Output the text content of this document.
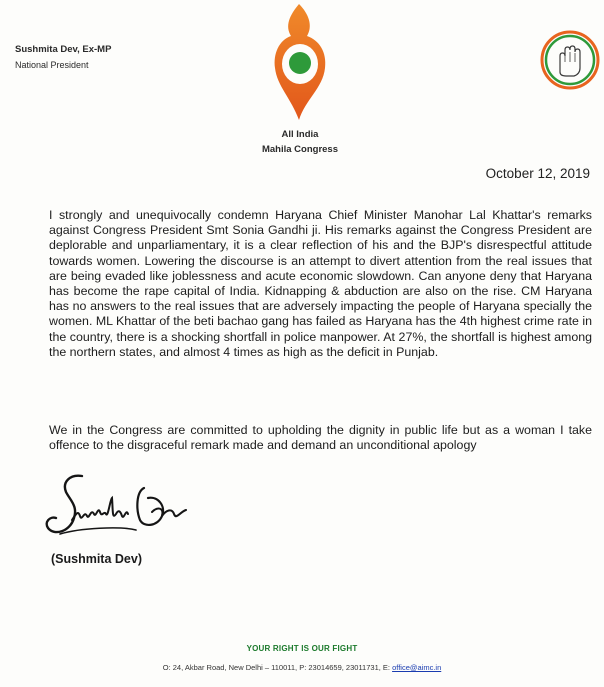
Sushmita Dev, Ex-MP
National President
All India
Mahila Congress
October 12, 2019
I strongly and unequivocally condemn Haryana Chief Minister Manohar Lal Khattar's remarks against Congress President Smt Sonia Gandhi ji. His remarks against the Congress President are deplorable and unparliamentary, it is a clear reflection of his and the BJP's disrespectful attitude towards women. Lowering the discourse is an attempt to divert attention from the real issues that are being evaded like joblessness and acute economic slowdown. Can anyone deny that Haryana has become the rape capital of India. Kidnapping & abduction are also on the rise. CM Haryana has no answers to the real issues that are adversely impacting the people of Haryana specially the women. ML Khattar of the beti bachao gang has failed as Haryana has the 4th highest crime rate in the country, there is a shocking shortfall in police manpower. At 27%, the shortfall is highest among the northern states, and almost 4 times as high as the deficit in Punjab.
We in the Congress are committed to upholding the dignity in public life but as a woman I take offence to the disgraceful remark made and demand an unconditional apology
(Sushmita Dev)
YOUR RIGHT IS OUR FIGHT
O: 24, Akbar Road, New Delhi – 110011, P: 23014659, 23011731, E: office@aimc.in
